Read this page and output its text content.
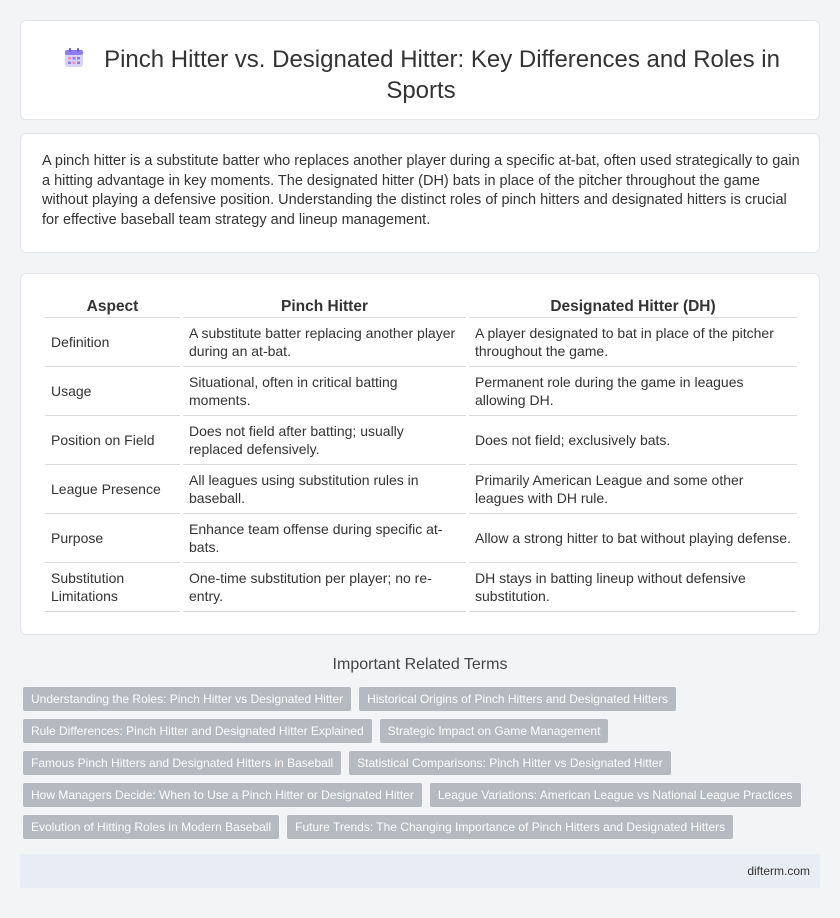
Pinch Hitter vs. Designated Hitter: Key Differences and Roles in Sports

A pinch hitter is a substitute batter who replaces another player during a specific at-bat, often used strategically to gain a hitting advantage in key moments. The designated hitter (DH) bats in place of the pitcher throughout the game without playing a defensive position. Understanding the distinct roles of pinch hitters and designated hitters is crucial for effective baseball team strategy and lineup management.

Aspect	Pinch Hitter	Designated Hitter (DH)
Definition	A substitute batter replacing another player during an at-bat.	A player designated to bat in place of the pitcher throughout the game.
Usage	Situational, often in critical batting moments.	Permanent role during the game in leagues allowing DH.
Position on Field	Does not field after batting; usually replaced defensively.	Does not field; exclusively bats.
League Presence	All leagues using substitution rules in baseball.	Primarily American League and some other leagues with DH rule.
Purpose	Enhance team offense during specific at-bats.	Allow a strong hitter to bat without playing defense.
Substitution Limitations	One-time substitution per player; no re-entry.	DH stays in batting lineup without defensive substitution.
Important Related Terms
Understanding the Roles: Pinch Hitter vs Designated Hitter	Historical Origins of Pinch Hitters and Designated Hitters
Rule Differences: Pinch Hitter and Designated Hitter Explained	Strategic Impact on Game Management
Famous Pinch Hitters and Designated Hitters in Baseball	Statistical Comparisons: Pinch Hitter vs Designated Hitter
How Managers Decide: When to Use a Pinch Hitter or Designated Hitter	League Variations: American League vs National League Practices
Evolution of Hitting Roles in Modern Baseball	Future Trends: The Changing Importance of Pinch Hitters and Designated Hitters
difterm.com
